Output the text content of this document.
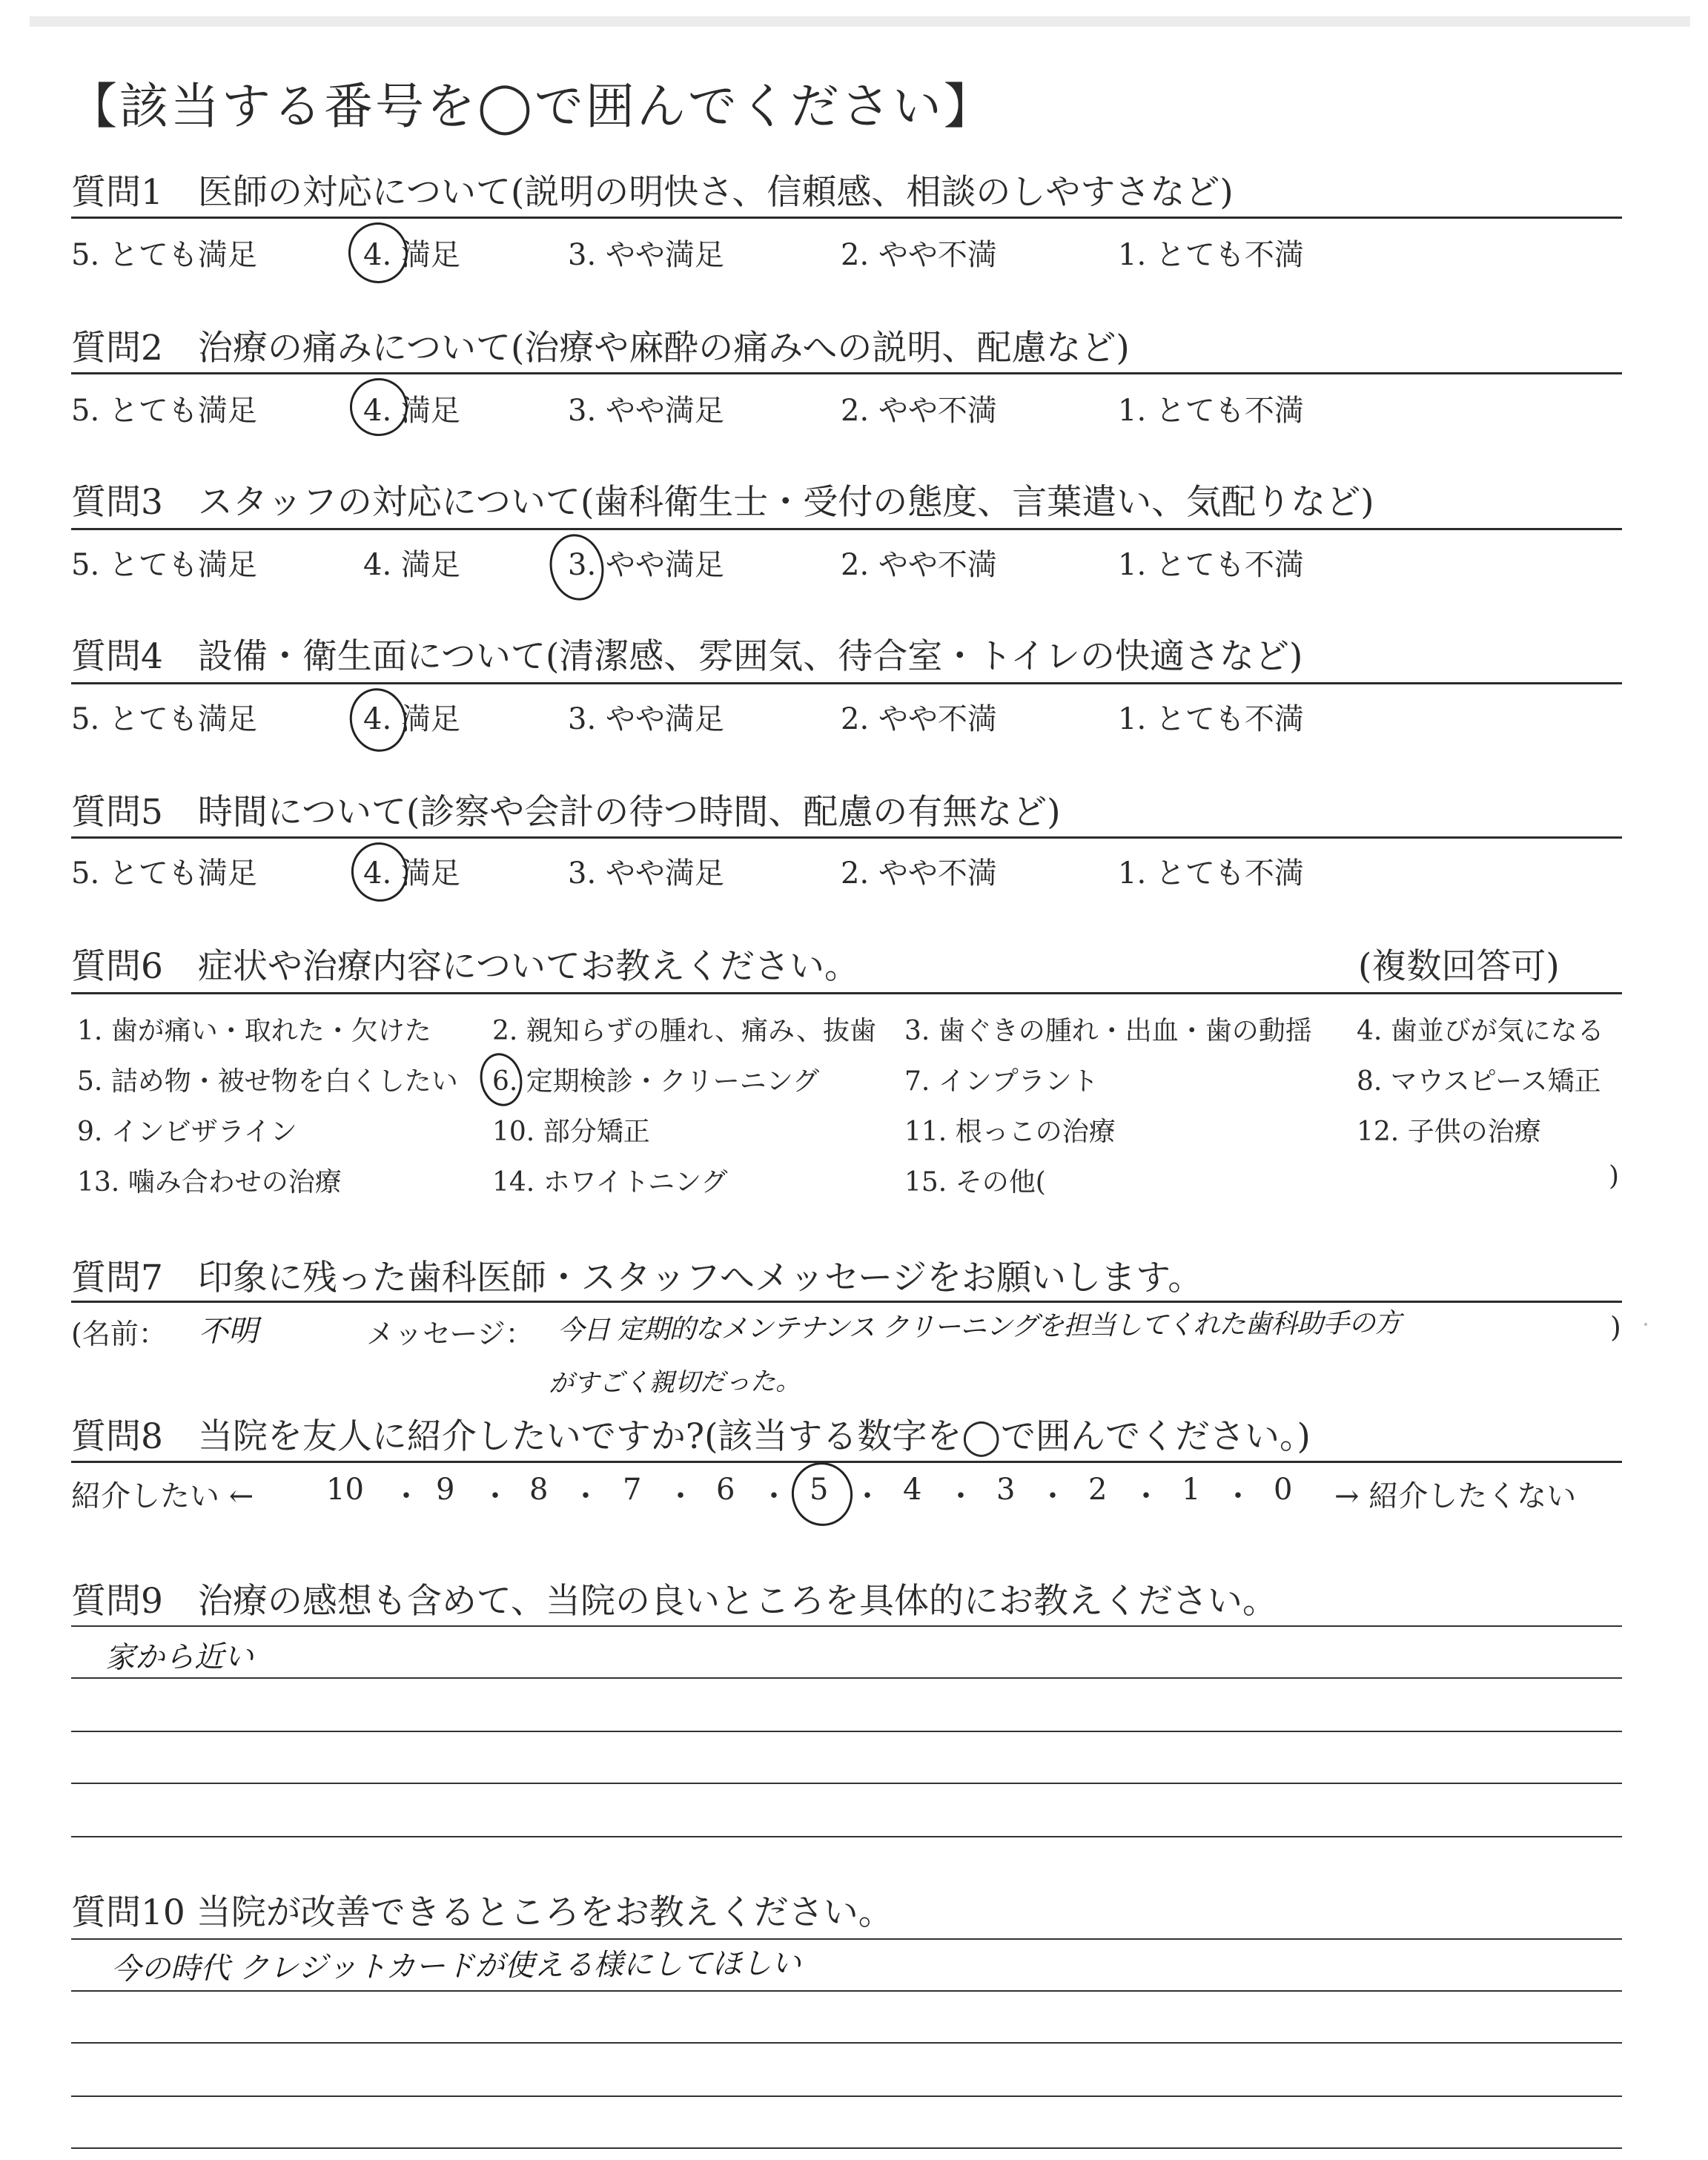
【該当する番号を◯で囲んでください】
質問1　医師の対応について(説明の明快さ、信頼感、相談のしやすさなど)
5. とても満足	4. 満足	3. やや満足	2. やや不満	1. とても不満
質問2　治療の痛みについて(治療や麻酔の痛みへの説明、配慮など)
5. とても満足	4. 満足	3. やや満足	2. やや不満	1. とても不満
質問3　スタッフの対応について(歯科衛生士・受付の態度、言葉遣い、気配りなど)
5. とても満足	4. 満足	3. やや満足	2. やや不満	1. とても不満
質問4　設備・衛生面について(清潔感、雰囲気、待合室・トイレの快適さなど)
5. とても満足	4. 満足	3. やや満足	2. やや不満	1. とても不満
質問5　時間について(診察や会計の待つ時間、配慮の有無など)
5. とても満足	4. 満足	3. やや満足	2. やや不満	1. とても不満
質問6　症状や治療内容についてお教えください。	(複数回答可)
1. 歯が痛い・取れた・欠けた 2. 親知らずの腫れ、痛み、抜歯 3. 歯ぐきの腫れ・出血・歯の動揺 4. 歯並びが気になる
5. 詰め物・被せ物を白くしたい 6. 定期検診・クリーニング	7. インプラント	8. マウスピース矯正
9. インビザライン	10. 部分矯正	11. 根っこの治療	12. 子供の治療
13. 噛み合わせの治療	14. ホワイトニング	15. その他(	)
質問7　印象に残った歯科医師・スタッフへメッセージをお願いします。
(名前： 不明	メッセージ： 今日 定期的なメンテナンス クリーニングを担当してくれた歯科助手の方	)
がすごく親切だった。
質問8　当院を友人に紹介したいですか?(該当する数字を◯で囲んでください。)
紹介したい ← 10 ・ 9 ・ 8 ・ 7 ・ 6 ・ 5 ・ 4 ・ 3 ・ 2 ・ 1 ・ 0 → 紹介したくない
質問9　治療の感想も含めて、当院の良いところを具体的にお教えください。
家から近い
質問10 当院が改善できるところをお教えください。
今の時代 クレジットカードが使える様にしてほしい
